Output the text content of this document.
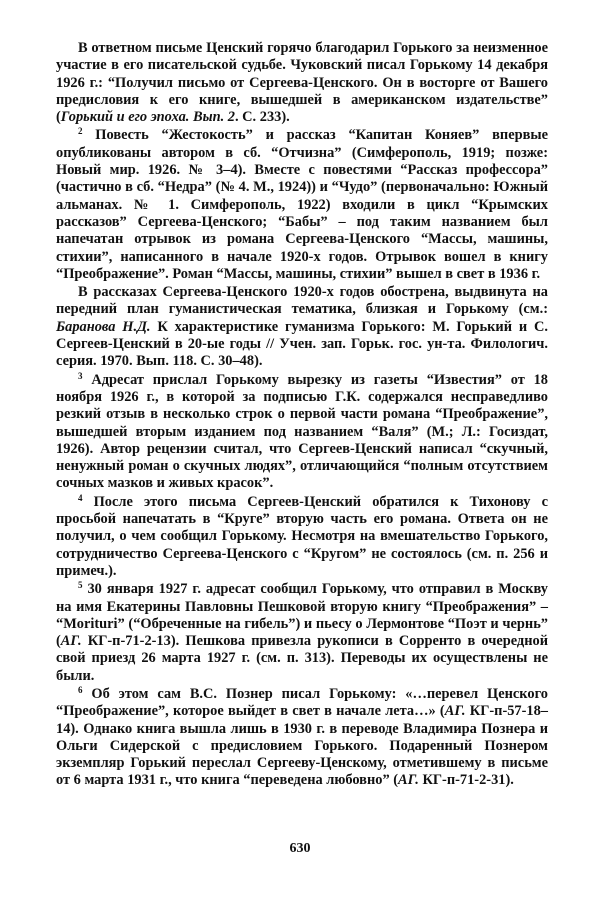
В ответном письме Ценский горячо благодарил Горького за неизменное участие в его писательской судьбе. Чуковский писал Горькому 14 декабря 1926 г.: “Получил письмо от Сергеева-Ценского. Он в восторге от Вашего предисловия к его книге, вышедшей в американском издательстве” (Горький и его эпоха. Вып. 2. С. 233).

$^2$ Повесть “Жестокость” и рассказ “Капитан Коняев” впервые опубликованы автором в сб. “Отчизна” (Симферополь, 1919; позже: Новый мир. 1926. № 3–4). Вместе с повестями “Рассказ профессора” (частично в сб. “Недра” (№ 4. М., 1924)) и “Чудо” (первоначально: Южный альманах. № 1. Симферополь, 1922) входили в цикл “Крымских рассказов” Сергеева-Ценского; “Бабы” – под таким названием был напечатан отрывок из романа Сергеева-Ценского “Массы, машины, стихии”, написанного в начале 1920-х годов. Отрывок вошел в книгу “Преображение”. Роман “Массы, машины, стихии” вышел в свет в 1936 г.

В рассказах Сергеева-Ценского 1920-х годов обострена, выдвинута на передний план гуманистическая тематика, близкая и Горькому (см.: Баранова Н.Д. К характеристике гуманизма Горького: М. Горький и С. Сергеев-Ценский в 20-ые годы // Учен. зап. Горьк. гос. ун-та. Филологич. серия. 1970. Вып. 118. С. 30–48).

$^3$ Адресат прислал Горькому вырезку из газеты “Известия” от 18 ноября 1926 г., в которой за подписью Г.К. содержался несправедливо резкий отзыв в несколько строк о первой части романа “Преображение”, вышедшей вторым изданием под названием “Валя” (М.; Л.: Госиздат, 1926). Автор рецензии считал, что Сергеев-Ценский написал “скучный, ненужный роман о скучных людях”, отличающийся “полным отсутствием сочных мазков и живых красок”.

$^4$ После этого письма Сергеев-Ценский обратился к Тихонову с просьбой напечатать в “Круге” вторую часть его романа. Ответа он не получил, о чем сообщил Горькому. Несмотря на вмешательство Горького, сотрудничество Сергеева-Ценского с “Кругом” не состоялось (см. п. 256 и примеч.).

$^5$ 30 января 1927 г. адресат сообщил Горькому, что отправил в Москву на имя Екатерины Павловны Пешковой вторую книгу “Преображения” – “Morituri” (“Обреченные на гибель”) и пьесу о Лермонтове “Поэт и чернь” (АГ. КГ-п-71-2-13). Пешкова привезла рукописи в Сорренто в очередной свой приезд 26 марта 1927 г. (см. п. 313). Переводы их осуществлены не были.

$^6$ Об этом сам B.C. Познер писал Горькому: «…перевел Ценского “Преображение”, которое выйдет в свет в начале лета…» (АГ. КГ-п-57-18–14). Однако книга вышла лишь в 1930 г. в переводе Владимира Познера и Ольги Сидерской с предисловием Горького. Подаренный Познером экземпляр Горький переслал Сергееву-Ценскому, отметившему в письме от 6 марта 1931 г., что книга “переведена любовно” (АГ. КГ-п-71-2-31).

630
